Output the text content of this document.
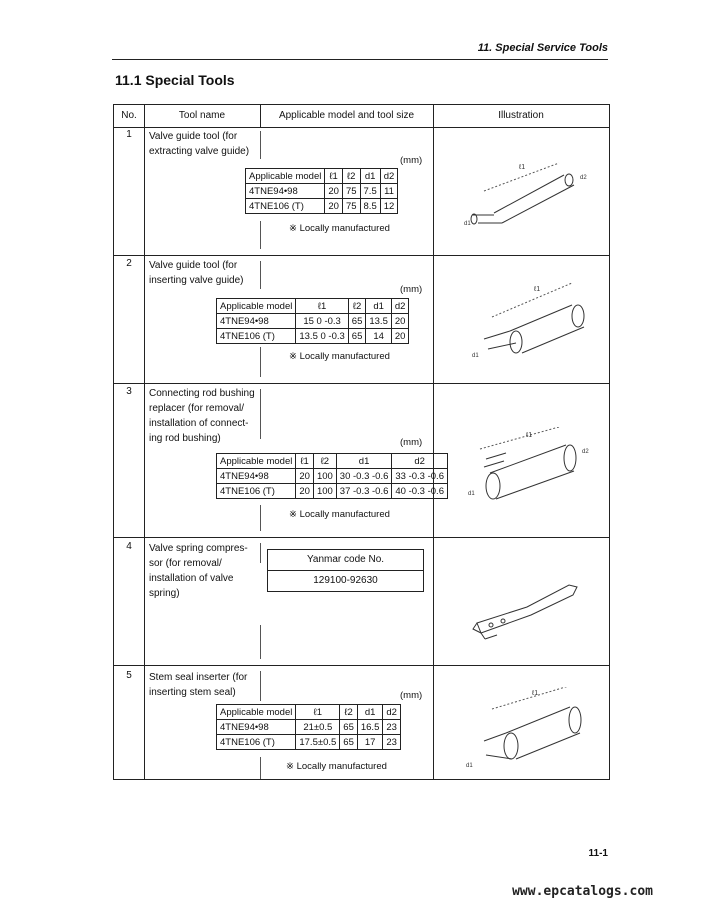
11. Special Service Tools
11.1 Special Tools
No.	Tool name	Applicable model and tool size	Illustration
1	Valve guide tool (for
extracting valve guide)
(mm)
Applicable model	ℓ1	ℓ2	d1	d2
4TNE94•98	20	75	7.5	11
4TNE106 (T)	20	75	8.5	12
※ Locally manufactured
ℓ1
d2
d1
2	Valve guide tool (for
inserting valve guide)
(mm)
Applicable model	ℓ1	ℓ2	d1	d2
4TNE94•98	15 0 -0.3	65	13.5	20
4TNE106 (T)	13.5 0 -0.3	65	14	20
※ Locally manufactured
ℓ1
d1
3	Connecting rod bushing
replacer (for removal/
installation of connect-
ing rod bushing)	(mm)
Applicable model	ℓ1	ℓ2	d1	d2
4TNE94•98	20	100	30 -0.3 -0.6	33 -0.3 -0.6
4TNE106 (T)	20	100	37 -0.3 -0.6	40 -0.3 -0.6
※ Locally manufactured
ℓ1
d2
d1
4	Valve spring compres-
sor (for removal/
installation of valve
spring)
Yanmar code No.
129100-92630
5	Stem seal inserter (for
inserting stem seal)	(mm)
Applicable model	ℓ1	ℓ2	d1	d2
4TNE94•98	21±0.5	65	16.5	23
4TNE106 (T)	17.5±0.5	65	17	23
※ Locally manufactured
ℓ1
d1
11-1
www.epcatalogs.com
